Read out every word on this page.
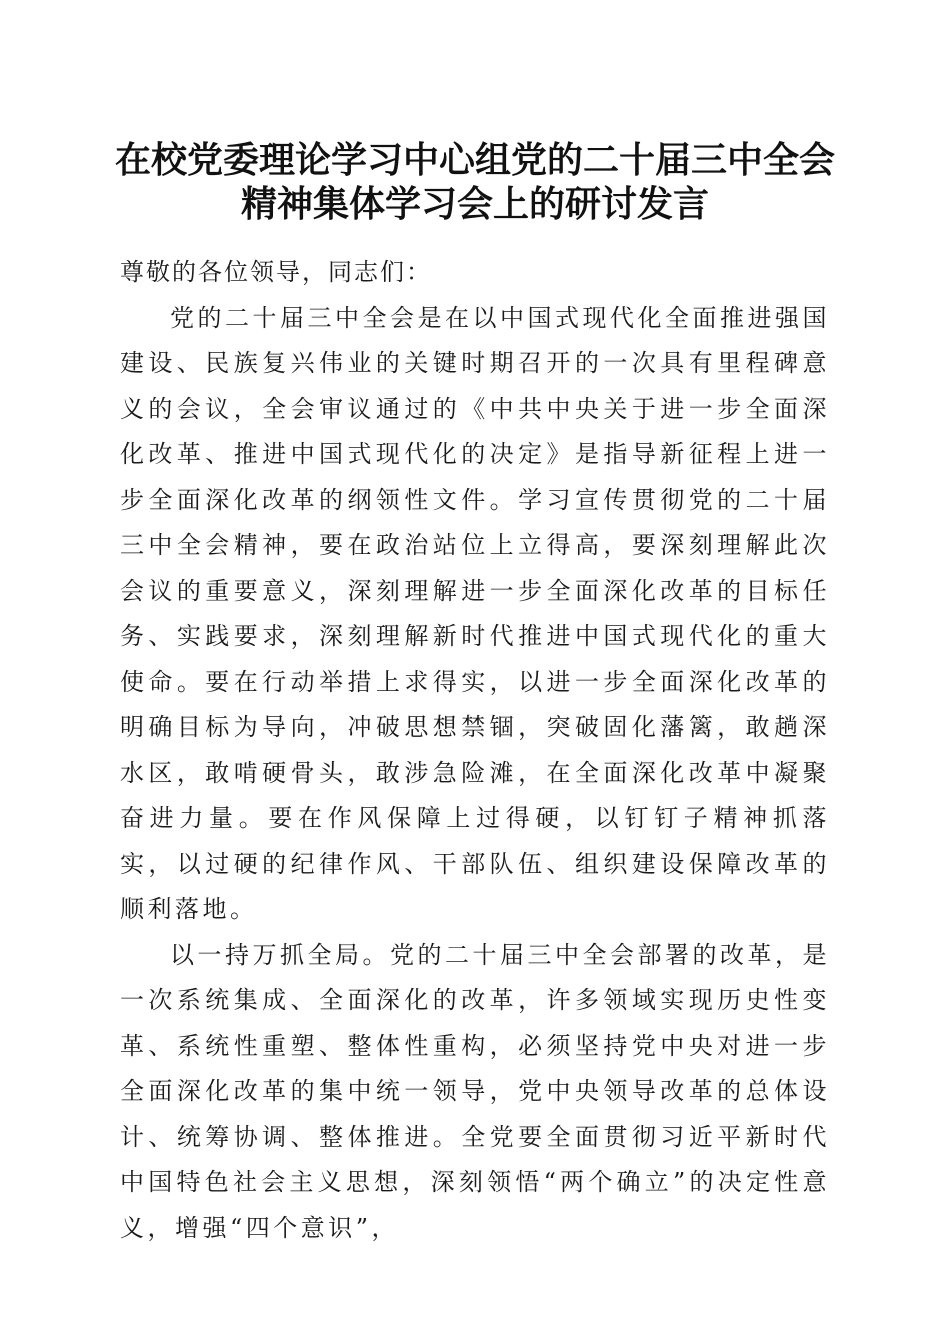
在校党委理论学习中心组党的二十届三中全会
精神集体学习会上的研讨发言

尊敬的各位领导，同志们：

党的二十届三中全会是在以中国式现代化全面推进强国建设、民族复兴伟业的关键时期召开的一次具有里程碑意义的会议，全会审议通过的《中共中央关于进一步全面深化改革、推进中国式现代化的决定》是指导新征程上进一步全面深化改革的纲领性文件。学习宣传贯彻党的二十届三中全会精神，要在政治站位上立得高，要深刻理解此次会议的重要意义，深刻理解进一步全面深化改革的目标任务、实践要求，深刻理解新时代推进中国式现代化的重大使命。要在行动举措上求得实，以进一步全面深化改革的明确目标为导向，冲破思想禁锢，突破固化藩篱，敢趟深水区，敢啃硬骨头，敢涉急险滩，在全面深化改革中凝聚奋进力量。要在作风保障上过得硬，以钉钉子精神抓落实，以过硬的纪律作风、干部队伍、组织建设保障改革的顺利落地。

以一持万抓全局。党的二十届三中全会部署的改革，是一次系统集成、全面深化的改革，许多领域实现历史性变革、系统性重塑、整体性重构，必须坚持党中央对进一步全面深化改革的集中统一领导，党中央领导改革的总体设计、统筹协调、整体推进。全党要全面贯彻习近平新时代中国特色社会主义思想，深刻领悟“两个确立”的决定性意义，增强“四个意识”，
